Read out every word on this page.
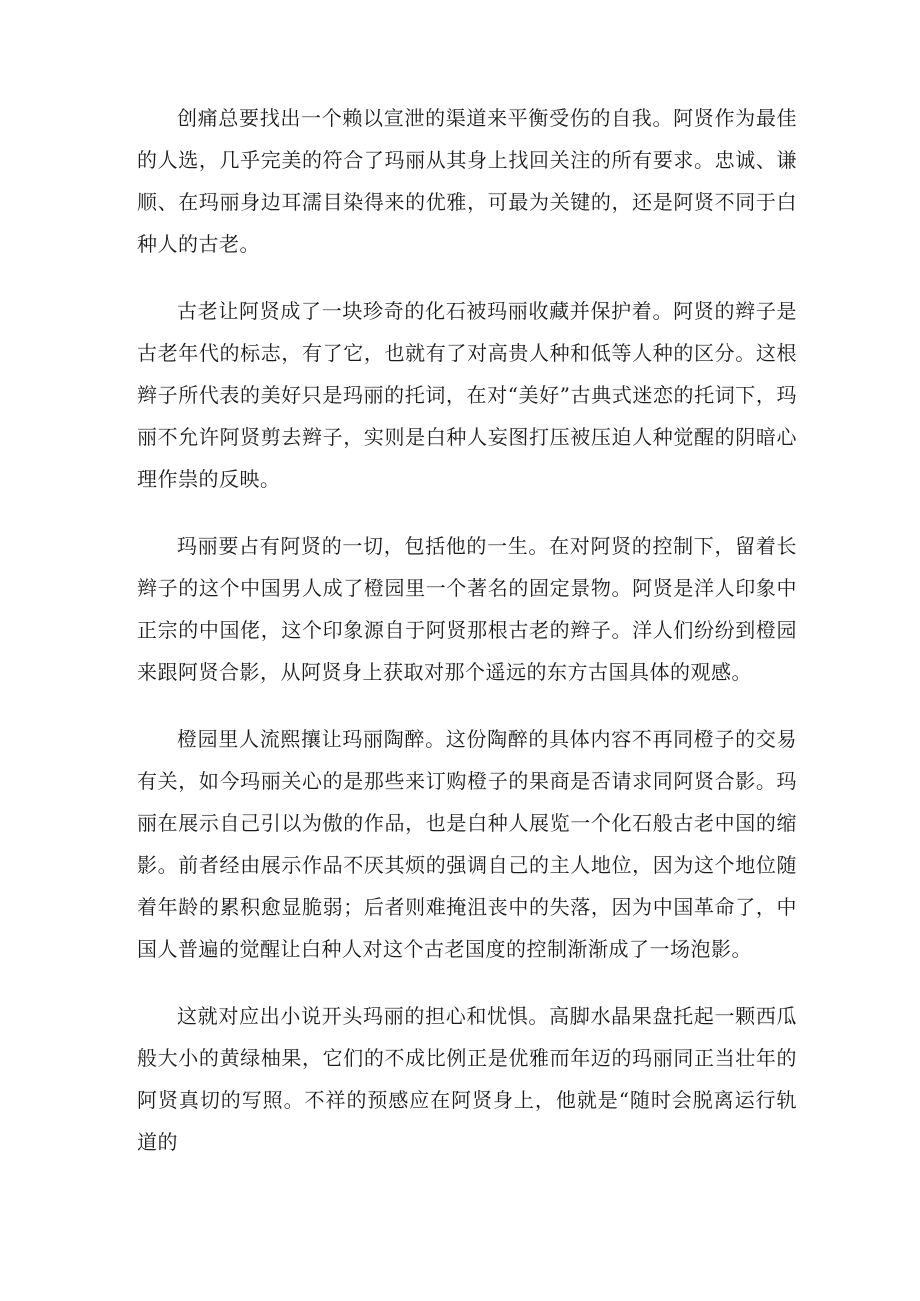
创痛总要找出一个赖以宣泄的渠道来平衡受伤的自我。阿贤作为最佳的人选，几乎完美的符合了玛丽从其身上找回关注的所有要求。忠诚、谦顺、在玛丽身边耳濡目染得来的优雅，可最为关键的，还是阿贤不同于白种人的古老。

古老让阿贤成了一块珍奇的化石被玛丽收藏并保护着。阿贤的辫子是古老年代的标志，有了它，也就有了对高贵人种和低等人种的区分。这根辫子所代表的美好只是玛丽的托词，在对“美好”古典式迷恋的托词下，玛丽不允许阿贤剪去辫子，实则是白种人妄图打压被压迫人种觉醒的阴暗心理作祟的反映。

玛丽要占有阿贤的一切，包括他的一生。在对阿贤的控制下，留着长辫子的这个中国男人成了橙园里一个著名的固定景物。阿贤是洋人印象中正宗的中国佬，这个印象源自于阿贤那根古老的辫子。洋人们纷纷到橙园来跟阿贤合影，从阿贤身上获取对那个遥远的东方古国具体的观感。

橙园里人流熙攘让玛丽陶醉。这份陶醉的具体内容不再同橙子的交易有关，如今玛丽关心的是那些来订购橙子的果商是否请求同阿贤合影。玛丽在展示自己引以为傲的作品，也是白种人展览一个化石般古老中国的缩影。前者经由展示作品不厌其烦的强调自己的主人地位，因为这个地位随着年龄的累积愈显脆弱；后者则难掩沮丧中的失落，因为中国革命了，中国人普遍的觉醒让白种人对这个古老国度的控制渐渐成了一场泡影。

这就对应出小说开头玛丽的担心和忧惧。高脚水晶果盘托起一颗西瓜般大小的黄绿柚果，它们的不成比例正是优雅而年迈的玛丽同正当壮年的阿贤真切的写照。不祥的预感应在阿贤身上，他就是“随时会脱离运行轨道的
